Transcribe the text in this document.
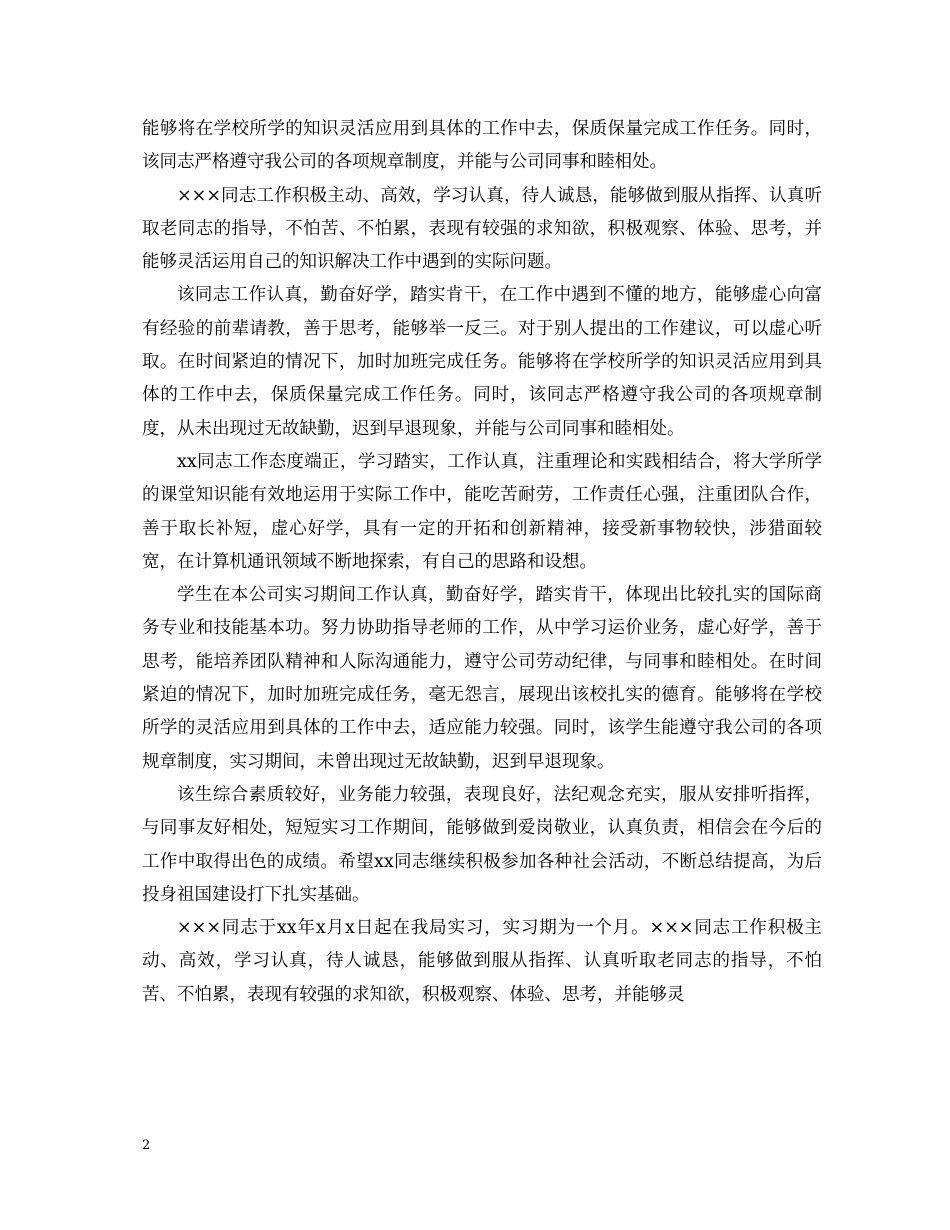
能够将在学校所学的知识灵活应用到具体的工作中去，保质保量完成工作任务。同时，该同志严格遵守我公司的各项规章制度，并能与公司同事和睦相处。

×××同志工作积极主动、高效，学习认真，待人诚恳，能够做到服从指挥、认真听取老同志的指导，不怕苦、不怕累，表现有较强的求知欲，积极观察、体验、思考，并能够灵活运用自己的知识解决工作中遇到的实际问题。

该同志工作认真，勤奋好学，踏实肯干，在工作中遇到不懂的地方，能够虚心向富有经验的前辈请教，善于思考，能够举一反三。对于别人提出的工作建议，可以虚心听取。在时间紧迫的情况下，加时加班完成任务。能够将在学校所学的知识灵活应用到具体的工作中去，保质保量完成工作任务。同时，该同志严格遵守我公司的各项规章制度，从未出现过无故缺勤，迟到早退现象，并能与公司同事和睦相处。

xx同志工作态度端正，学习踏实，工作认真，注重理论和实践相结合，将大学所学的课堂知识能有效地运用于实际工作中，能吃苦耐劳，工作责任心强，注重团队合作，善于取长补短，虚心好学，具有一定的开拓和创新精神，接受新事物较快，涉猎面较宽，在计算机通讯领域不断地探索，有自己的思路和设想。

学生在本公司实习期间工作认真，勤奋好学，踏实肯干，体现出比较扎实的国际商务专业和技能基本功。努力协助指导老师的工作，从中学习运价业务，虚心好学，善于思考，能培养团队精神和人际沟通能力，遵守公司劳动纪律，与同事和睦相处。在时间紧迫的情况下，加时加班完成任务，毫无怨言，展现出该校扎实的德育。能够将在学校所学的灵活应用到具体的工作中去，适应能力较强。同时，该学生能遵守我公司的各项规章制度，实习期间，未曾出现过无故缺勤，迟到早退现象。

该生综合素质较好，业务能力较强，表现良好，法纪观念充实，服从安排听指挥，与同事友好相处，短短实习工作期间，能够做到爱岗敬业，认真负责，相信会在今后的工作中取得出色的成绩。希望xx同志继续积极参加各种社会活动，不断总结提高，为后投身祖国建设打下扎实基础。

×××同志于xx年x月x日起在我局实习，实习期为一个月。×××同志工作积极主动、高效，学习认真，待人诚恳，能够做到服从指挥、认真听取老同志的指导，不怕苦、不怕累，表现有较强的求知欲，积极观察、体验、思考，并能够灵

2
